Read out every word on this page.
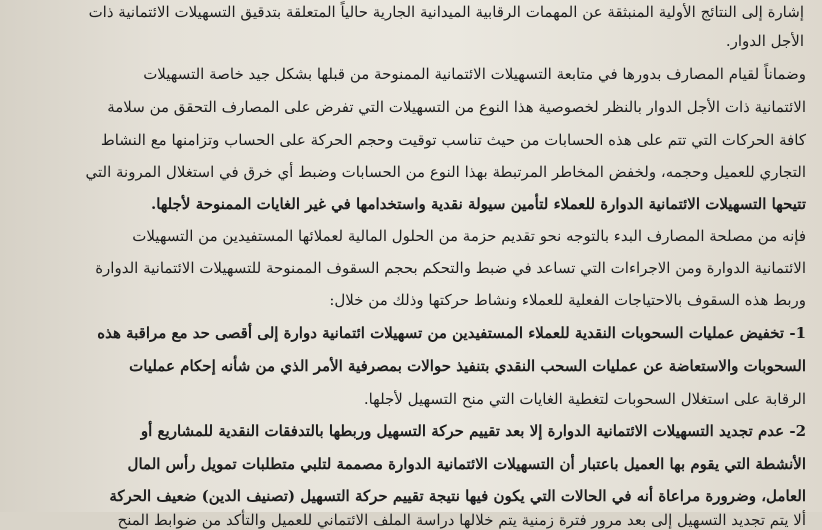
إشارة إلى النتائج الأولية المنبثقة عن المهمات الرقابية الميدانية الجارية حالياً المتعلقة بتدقيق التسهيلات الائتمانية ذات
الأجل الدوار.
وضماناً لقيام المصارف بدورها في متابعة التسهيلات الائتمانية الممنوحة من قبلها بشكل جيد خاصة التسهيلات
الائتمانية ذات الأجل الدوار بالنظر لخصوصية هذا النوع من التسهيلات التي تفرض على المصارف التحقق من سلامة
كافة الحركات التي تتم على هذه الحسابات من حيث تناسب توقيت وحجم الحركة على الحساب وتزامنها مع النشاط
التجاري للعميل وحجمه، ولخفض المخاطر المرتبطة بهذا النوع من الحسابات وضبط أي خرق في استغلال المرونة التي
تتيحها التسهيلات الائتمانية الدوارة للعملاء لتأمين سيولة نقدية واستخدامها في غير الغايات الممنوحة لأجلها.
فإنه من مصلحة المصارف البدء بالتوجه نحو تقديم حزمة من الحلول المالية لعملائها المستفيدين من التسهيلات
الائتمانية الدوارة ومن الاجراءات التي تساعد في ضبط والتحكم بحجم السقوف الممنوحة للتسهيلات الائتمانية الدوارة
وربط هذه السقوف بالاحتياجات الفعلية للعملاء ونشاط حركتها وذلك من خلال:
1- تخفيض عمليات السحوبات النقدية للعملاء المستفيدين من تسهيلات ائتمانية دوارة إلى أقصى حد مع مراقبة هذه
السحوبات والاستعاضة عن عمليات السحب النقدي بتنفيذ حوالات بمصرفية الأمر الذي من شأنه إحكام عمليات
الرقابة على استغلال السحوبات لتغطية الغايات التي منح التسهيل لأجلها.
2- عدم تجديد التسهيلات الائتمانية الدوارة إلا بعد تقييم حركة التسهيل وربطها بالتدفقات النقدية للمشاريع أو
الأنشطة التي يقوم بها العميل باعتبار أن التسهيلات الائتمانية الدوارة مصممة لتلبي متطلبات تمويل رأس المال
العامل، وضرورة مراعاة أنه في الحالات التي يكون فيها نتيجة تقييم حركة التسهيل (تصنيف الدين) ضعيف الحركة
ألا يتم تجديد التسهيل إلى بعد مرور فترة زمنية يتم خلالها دراسة الملف الائتماني للعميل والتأكد من ضوابط المنح
